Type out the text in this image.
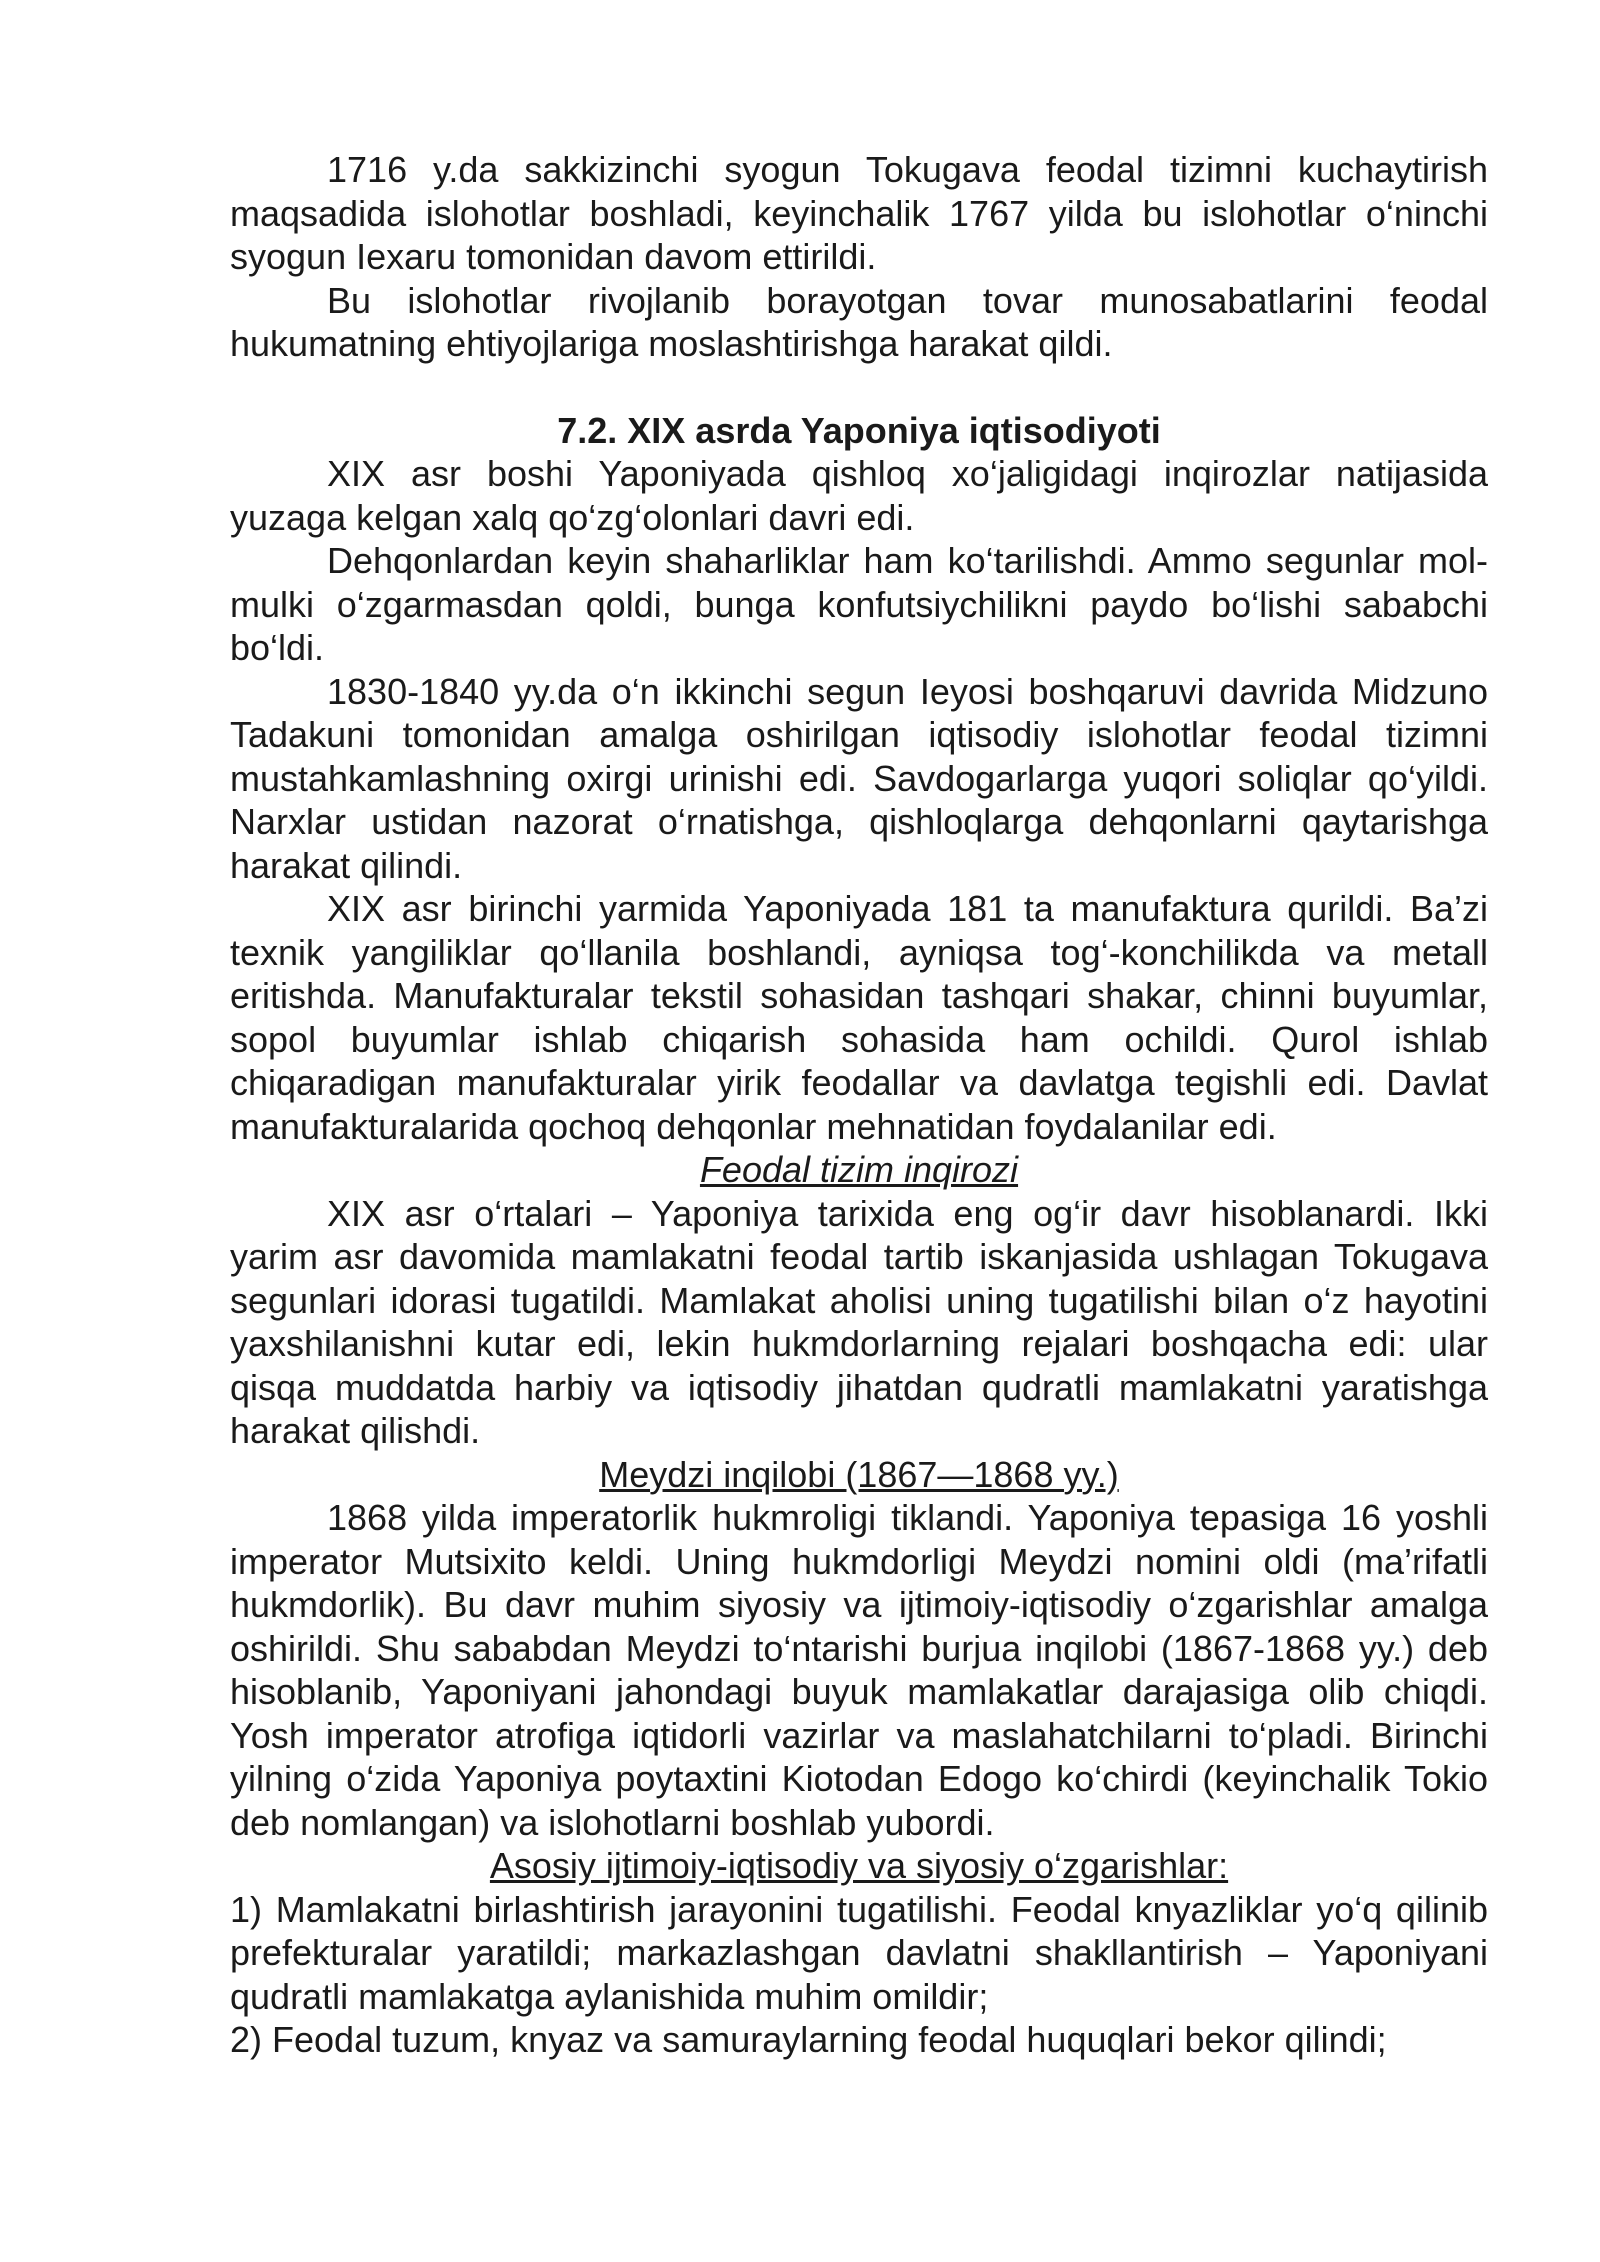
1716 y.da sakkizinchi syogun Tokugava feodal tizimni kuchaytirish maqsadida islohotlar boshladi, keyinchalik 1767 yilda bu islohotlar o‘ninchi syogun Iexaru tomonidan davom ettirildi.

Bu islohotlar rivojlanib borayotgan tovar munosabatlarini feodal hukumatning ehtiyojlariga moslashtirishga harakat qildi.

7.2. XIX asrda Yaponiya iqtisodiyoti

XIX asr boshi Yaponiyada qishloq xo‘jaligidagi inqirozlar natijasida yuzaga kelgan xalq qo‘zg‘olonlari davri edi.

Dehqonlardan keyin shaharliklar ham ko‘tarilishdi. Ammo segunlar mol-mulki o‘zgarmasdan qoldi, bunga konfutsiychilikni paydo bo‘lishi sababchi bo‘ldi.

1830-1840 yy.da o‘n ikkinchi segun Ieyosi boshqaruvi davrida Midzuno Tadakuni tomonidan amalga oshirilgan iqtisodiy islohotlar feodal tizimni mustahkamlashning oxirgi urinishi edi. Savdogarlarga yuqori soliqlar qo‘yildi. Narxlar ustidan nazorat o‘rnatishga, qishloqlarga dehqonlarni qaytarishga harakat qilindi.

XIX asr birinchi yarmida Yaponiyada 181 ta manufaktura qurildi. Ba’zi texnik yangiliklar qo‘llanila boshlandi, ayniqsa tog‘-konchilikda va metall eritishda. Manufakturalar tekstil sohasidan tashqari shakar, chinni buyumlar, sopol buyumlar ishlab chiqarish sohasida ham ochildi. Qurol ishlab chiqaradigan manufakturalar yirik feodallar va davlatga tegishli edi. Davlat manufakturalarida qochoq dehqonlar mehnatidan foydalanilar edi.

Feodal tizim inqirozi

XIX asr o‘rtalari – Yaponiya tarixida eng og‘ir davr hisoblanardi. Ikki yarim asr davomida mamlakatni feodal tartib iskanjasida ushlagan Tokugava segunlari idorasi tugatildi. Mamlakat aholisi uning tugatilishi bilan o‘z hayotini yaxshilanishni kutar edi, lekin hukmdorlarning rejalari boshqacha edi: ular qisqa muddatda harbiy va iqtisodiy jihatdan qudratli mamlakatni yaratishga harakat qilishdi.

Meydzi inqilobi (1867—1868 yy.)

1868 yilda imperatorlik hukmroligi tiklandi. Yaponiya tepasiga 16 yoshli imperator Mutsixito keldi. Uning hukmdorligi Meydzi nomini oldi (ma’rifatli hukmdorlik). Bu davr muhim siyosiy va ijtimoiy-iqtisodiy o‘zgarishlar amalga oshirildi. Shu sababdan Meydzi to‘ntarishi burjua inqilobi (1867-1868 yy.) deb hisoblanib, Yaponiyani jahondagi buyuk mamlakatlar darajasiga olib chiqdi. Yosh imperator atrofiga iqtidorli vazirlar va maslahatchilarni to‘pladi. Birinchi yilning o‘zida Yaponiya poytaxtini Kiotodan Edogo ko‘chirdi (keyinchalik Tokio deb nomlangan) va islohotlarni boshlab yubordi.

Asosiy ijtimoiy-iqtisodiy va siyosiy o‘zgarishlar:

1) Mamlakatni birlashtirish jarayonini tugatilishi. Feodal knyazliklar yo‘q qilinib prefekturalar yaratildi; markazlashgan davlatni shakllantirish – Yaponiyani qudratli mamlakatga aylanishida muhim omildir;

2) Feodal tuzum, knyaz va samuraylarning feodal huquqlari bekor qilindi;
